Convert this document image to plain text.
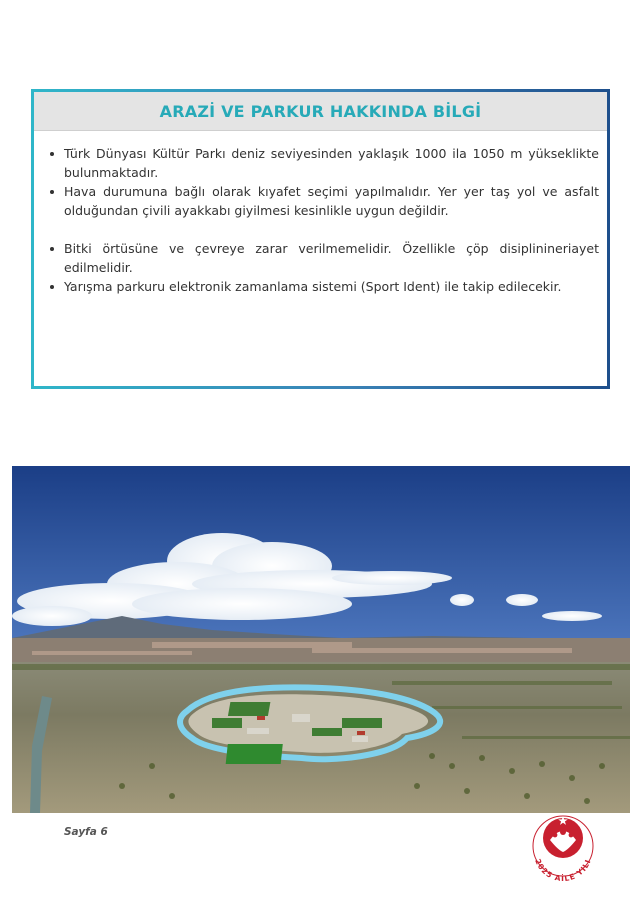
ARAZİ VE PARKUR HAKKINDA BİLGİ
Türk Dünyası Kültür Parkı deniz seviyesinden yaklaşık 1000 ila 1050 m yükseklikte bulunmaktadır.
Hava durumuna bağlı olarak kıyafet seçimi yapılmalıdır. Yer yer taş yol ve asfalt olduğundan çivili ayakkabı giyilmesi kesinlikle uygun değildir.
Bitki örtüsüne ve çevreye zarar verilmemelidir. Özellikle çöp disiplinineriayet edilmelidir.
Yarışma parkuru elektronik zamanlama sistemi (Sport Ident) ile takip edilecekir.
Sayfa 6
2025 AİLE YILI
